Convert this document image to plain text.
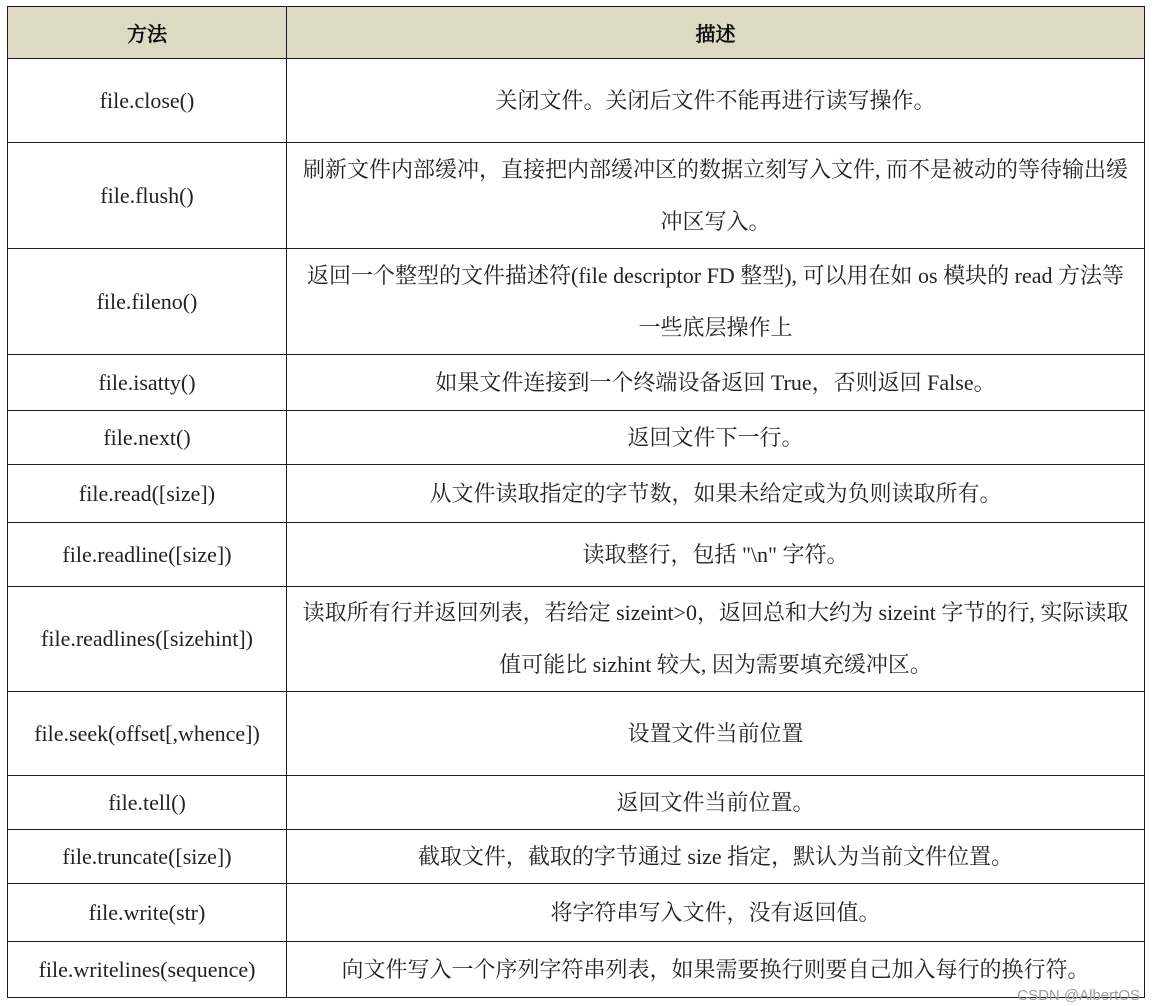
方法	描述
file.close()	关闭文件。关闭后文件不能再进行读写操作。
file.flush()	刷新文件内部缓冲，直接把内部缓冲区的数据立刻写入文件, 而不是被动的等待输出缓冲区写入。
file.fileno()	返回一个整型的文件描述符(file descriptor FD 整型), 可以用在如 os 模块的 read 方法等一些底层操作上
file.isatty()	如果文件连接到一个终端设备返回 True，否则返回 False。
file.next()	返回文件下一行。
file.read([size])	从文件读取指定的字节数，如果未给定或为负则读取所有。
file.readline([size])	读取整行，包括 "\n" 字符。
file.readlines([sizehint])	读取所有行并返回列表，若给定 sizeint>0，返回总和大约为 sizeint 字节的行, 实际读取值可能比 sizhint 较大, 因为需要填充缓冲区。
file.seek(offset[,whence])	设置文件当前位置
file.tell()	返回文件当前位置。
file.truncate([size])	截取文件，截取的字节通过 size 指定，默认为当前文件位置。
file.write(str)	将字符串写入文件，没有返回值。
file.writelines(sequence)	向文件写入一个序列字符串列表，如果需要换行则要自己加入每行的换行符。
CSDN @AlbertOS
